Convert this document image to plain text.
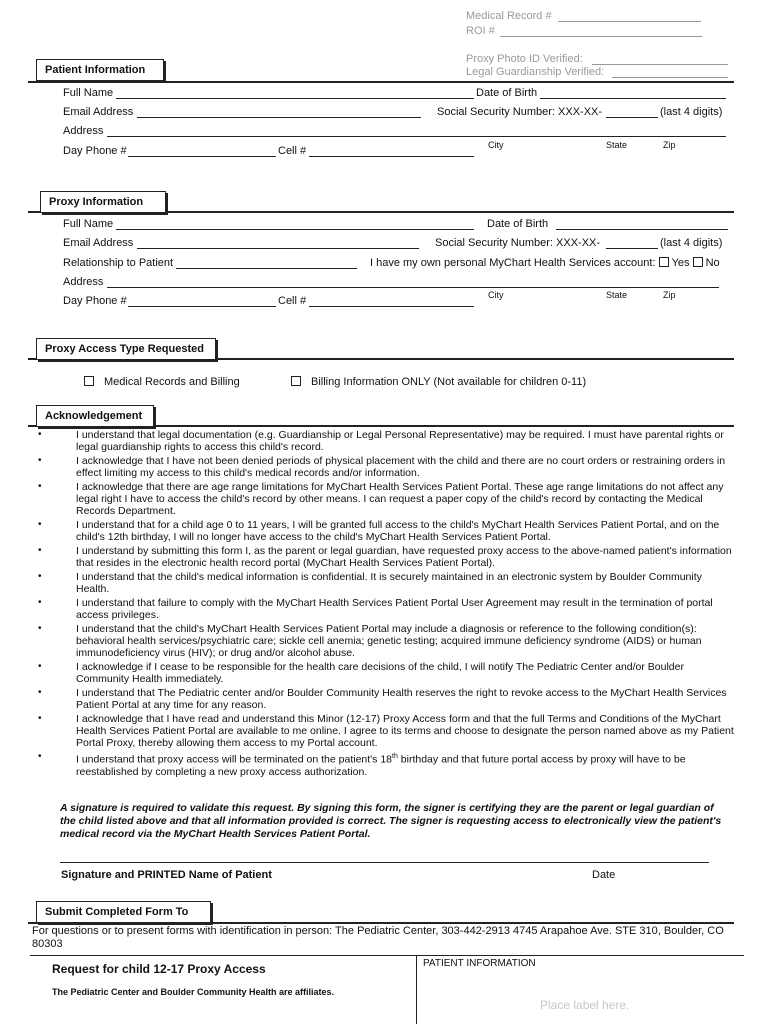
Medical Record #
ROI #
Proxy Photo ID Verified:
Legal Guardianship Verified:
Patient Information
Full Name	Date of Birth
Email Address	Social Security Number: XXX-XX-	(last 4 digits)
Address
City	State	Zip
Day Phone #	Cell #
Proxy Information
Full Name	Date of Birth
Email Address	Social Security Number: XXX-XX-	(last 4 digits)
Relationship to Patient	I have my own personal MyChart Health Services account: Yes No
Address
City	State	Zip
Day Phone #	Cell #
Proxy Access Type Requested
Medical Records and Billing	Billing Information ONLY (Not available for children 0-11)
Acknowledgement
• I understand that legal documentation (e.g. Guardianship or Legal Personal Representative) may be required. I must have parental rights or legal guardianship rights to access this child's record.
• I acknowledge that I have not been denied periods of physical placement with the child and there are no court orders or restraining orders in effect limiting my access to this child's medical records and/or information.
• I acknowledge that there are age range limitations for MyChart Health Services Patient Portal. These age range limitations do not affect any legal right I have to access the child's record by other means. I can request a paper copy of the child's record by contacting the Medical Records Department.
• I understand that for a child age 0 to 11 years, I will be granted full access to the child's MyChart Health Services Patient Portal, and on the child's 12th birthday, I will no longer have access to the child's MyChart Health Services Patient Portal.
• I understand by submitting this form I, as the parent or legal guardian, have requested proxy access to the above-named patient's information that resides in the electronic health record portal (MyChart Health Services Patient Portal).
• I understand that the child's medical information is confidential. It is securely maintained in an electronic system by Boulder Community Health.
• I understand that failure to comply with the MyChart Health Services Patient Portal User Agreement may result in the termination of portal access privileges.
• I understand that the child's MyChart Health Services Patient Portal may include a diagnosis or reference to the following condition(s): behavioral health services/psychiatric care; sickle cell anemia; genetic testing; acquired immune deficiency syndrome (AIDS) or human immunodeficiency virus (HIV); or drug and/or alcohol abuse.
• I acknowledge if I cease to be responsible for the health care decisions of the child, I will notify The Pediatric Center and/or Boulder Community Health immediately.
• I understand that The Pediatric center and/or Boulder Community Health reserves the right to revoke access to the MyChart Health Services Patient Portal at any time for any reason.
• I acknowledge that I have read and understand this Minor (12-17) Proxy Access form and that the full Terms and Conditions of the MyChart Health Services Patient Portal are available to me online. I agree to its terms and choose to designate the person named above as my Patient Portal Proxy, thereby allowing them access to my Portal account.
• I understand that proxy access will be terminated on the patient's 18th birthday and that future portal access by proxy will have to be reestablished by completing a new proxy access authorization.
A signature is required to validate this request. By signing this form, the signer is certifying they are the parent or legal guardian of the child listed above and that all information provided is correct. The signer is requesting access to electronically view the patient's medical record via the MyChart Health Services Patient Portal.
Signature and PRINTED Name of Patient	Date
Submit Completed Form To
For questions or to present forms with identification in person: The Pediatric Center, 303-442-2913 4745 Arapahoe Ave. STE 310, Boulder, CO 80303
Request for child 12-17 Proxy Access
The Pediatric Center and Boulder Community Health are affiliates.
PATIENT INFORMATION
Place label here.
